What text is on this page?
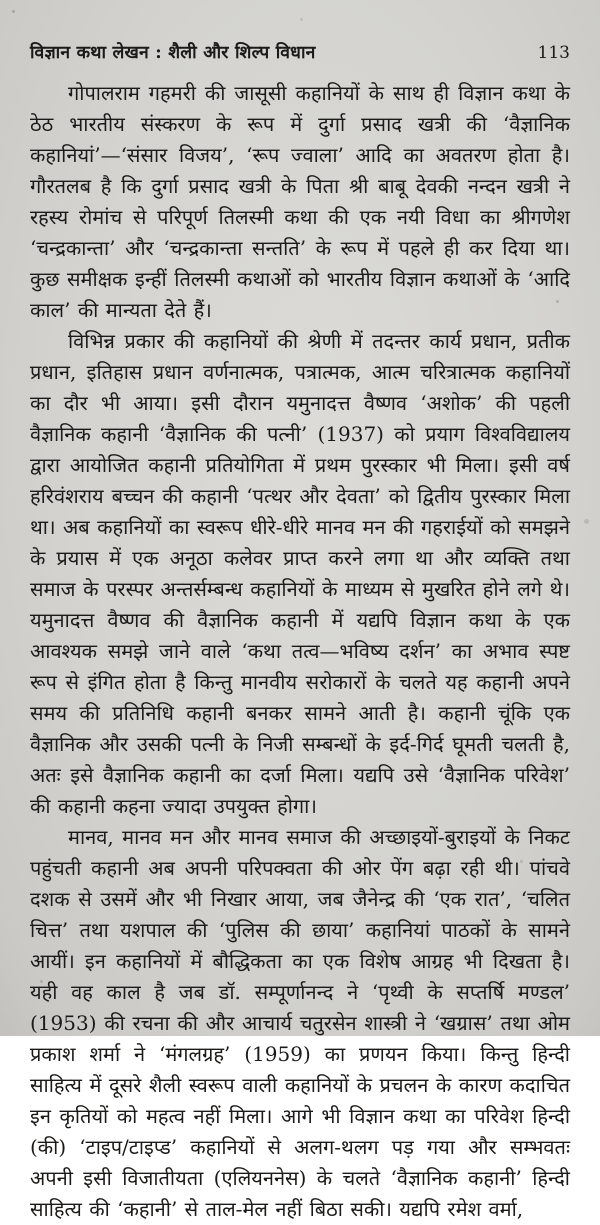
विज्ञान कथा लेखन : शैली और शिल्प विधान	113

गोपालराम गहमरी की जासूसी कहानियों के साथ ही विज्ञान कथा के ठेठ भारतीय संस्करण के रूप में दुर्गा प्रसाद खत्री की ‘वैज्ञानिक कहानियां’—‘संसार विजय’, ‘रूप ज्वाला’ आदि का अवतरण होता है। गौरतलब है कि दुर्गा प्रसाद खत्री के पिता श्री बाबू देवकी नन्दन खत्री ने रहस्य रोमांच से परिपूर्ण तिलस्मी कथा की एक नयी विधा का श्रीगणेश ‘चन्द्रकान्ता’ और ‘चन्द्रकान्ता सन्तति’ के रूप में पहले ही कर दिया था। कुछ समीक्षक इन्हीं तिलस्मी कथाओं को भारतीय विज्ञान कथाओं के ‘आदि काल’ की मान्यता देते हैं।

विभिन्न प्रकार की कहानियों की श्रेणी में तदन्तर कार्य प्रधान, प्रतीक प्रधान, इतिहास प्रधान वर्णनात्मक, पत्रात्मक, आत्म चरित्रात्मक कहानियों का दौर भी आया। इसी दौरान यमुनादत्त वैष्णव ‘अशोक’ की पहली वैज्ञानिक कहानी ‘वैज्ञानिक की पत्नी’ (1937) को प्रयाग विश्वविद्यालय द्वारा आयोजित कहानी प्रतियोगिता में प्रथम पुरस्कार भी मिला। इसी वर्ष हरिवंशराय बच्चन की कहानी ‘पत्थर और देवता’ को द्वितीय पुरस्कार मिला था। अब कहानियों का स्वरूप धीरे-धीरे मानव मन की गहराईयों को समझने के प्रयास में एक अनूठा कलेवर प्राप्त करने लगा था और व्यक्ति तथा समाज के परस्पर अन्तर्सम्बन्ध कहानियों के माध्यम से मुखरित होने लगे थे। यमुनादत्त वैष्णव की वैज्ञानिक कहानी में यद्यपि विज्ञान कथा के एक आवश्यक समझे जाने वाले ‘कथा तत्व—भविष्य दर्शन’ का अभाव स्पष्ट रूप से इंगित होता है किन्तु मानवीय सरोकारों के चलते यह कहानी अपने समय की प्रतिनिधि कहानी बनकर सामने आती है। कहानी चूंकि एक वैज्ञानिक और उसकी पत्नी के निजी सम्बन्धों के इर्द-गिर्द घूमती चलती है, अतः इसे वैज्ञानिक कहानी का दर्जा मिला। यद्यपि उसे ‘वैज्ञानिक परिवेश’ की कहानी कहना ज्यादा उपयुक्त होगा।

मानव, मानव मन और मानव समाज की अच्छाइयों-बुराइयों के निकट पहुंचती कहानी अब अपनी परिपक्वता की ओर पेंग बढ़ा रही थी। पांचवे दशक से उसमें और भी निखार आया, जब जैनेन्द्र की ‘एक रात’, ‘चलित चित्त’ तथा यशपाल की ‘पुलिस की छाया’ कहानियां पाठकों के सामने आयीं। इन कहानियों में बौद्धिकता का एक विशेष आग्रह भी दिखता है। यही वह काल है जब डॉ. सम्पूर्णानन्द ने ‘पृथ्वी के सप्तर्षि मण्डल’ (1953) की रचना की और आचार्य चतुरसेन शास्त्री ने ‘खग्रास’ तथा ओम प्रकाश शर्मा ने ‘मंगलग्रह’ (1959) का प्रणयन किया। किन्तु हिन्दी साहित्य में दूसरे शैली स्वरूप वाली कहानियों के प्रचलन के कारण कदाचित इन कृतियों को महत्व नहीं मिला। आगे भी विज्ञान कथा का परिवेश हिन्दी (की) ‘टाइप/टाइप्ड’ कहानियों से अलग-थलग पड़ गया और सम्भवतः अपनी इसी विजातीयता (एलियननेस) के चलते ‘वैज्ञानिक कहानी’ हिन्दी साहित्य की ‘कहानी’ से ताल-मेल नहीं बिठा सकी। यद्यपि रमेश वर्मा,
